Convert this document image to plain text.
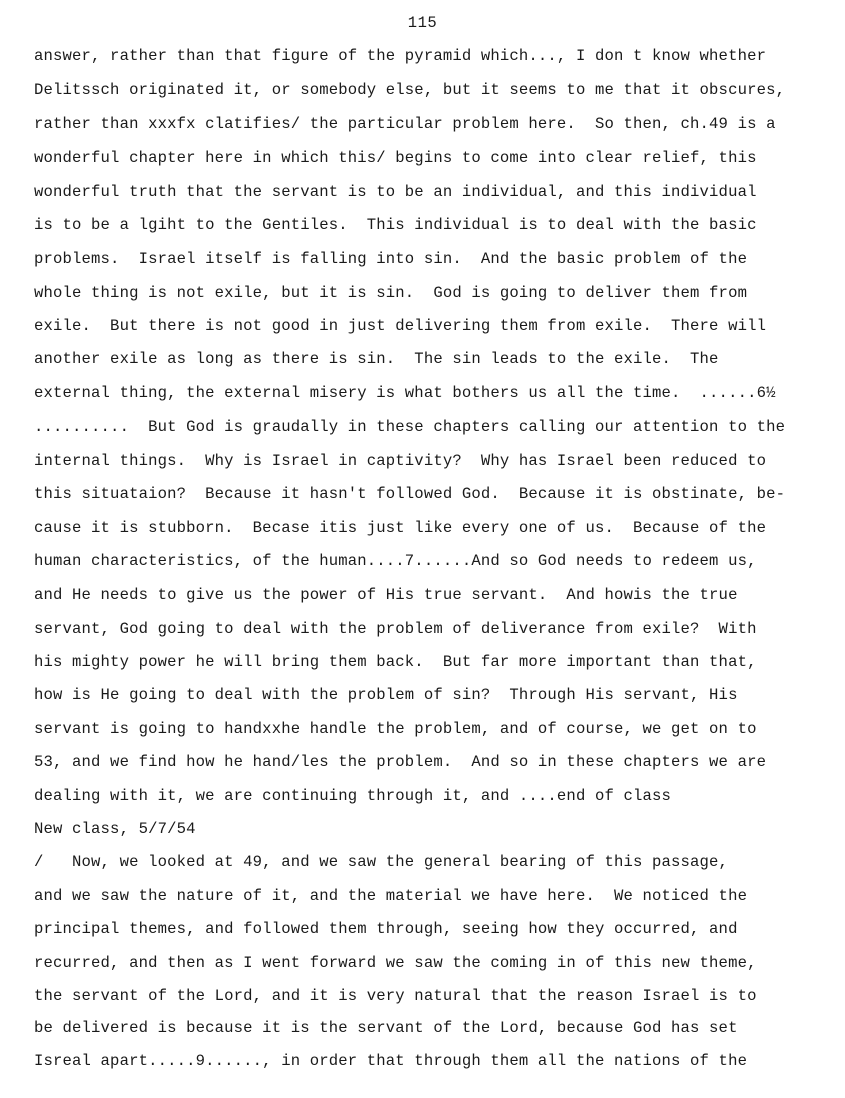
115
answer, rather than that figure of the pyramid which..., I don t know whether
Delitssch originated it, or somebody else, but it seems to me that it obscures,
rather than xxxfx clatifies/ the particular problem here.  So then, ch.49 is a
wonderful chapter here in which this/ begins to come into clear relief, this
wonderful truth that the servant is to be an individual, and this individual
is to be a lgiht to the Gentiles.  This individual is to deal with the basic
problems.  Israel itself is falling into sin.  And the basic problem of the
whole thing is not exile, but it is sin.  God is going to deliver them from
exile.  But there is not good in just delivering them from exile.  There will
another exile as long as there is sin.  The sin leads to the exile.  The
external thing, the external misery is what bothers us all the time.  ......6½
..........  But God is graudally in these chapters calling our attention to the
internal things.  Why is Israel in captivity?  Why has Israel been reduced to
this situataion?  Because it hasn't followed God.  Because it is obstinate, be-
cause it is stubborn.  Becase itis just like every one of us.  Because of the
human characteristics, of the human....7......And so God needs to redeem us,
and He needs to give us the power of His true servant.  And howis the true
servant, God going to deal with the problem of deliverance from exile?  With
his mighty power he will bring them back.  But far more important than that,
how is He going to deal with the problem of sin?  Through His servant, His
servant is going to handxxhe handle the problem, and of course, we get on to
53, and we find how he hand/les the problem.  And so in these chapters we are
dealing with it, we are continuing through it, and ....end of class
New class, 5/7/54
/   Now, we looked at 49, and we saw the general bearing of this passage,
and we saw the nature of it, and the material we have here.  We noticed the
principal themes, and followed them through, seeing how they occurred, and
recurred, and then as I went forward we saw the coming in of this new theme,
the servant of the Lord, and it is very natural that the reason Israel is to
be delivered is because it is the servant of the Lord, because God has set
Isreal apart.....9......, in order that through them all the nations of the
